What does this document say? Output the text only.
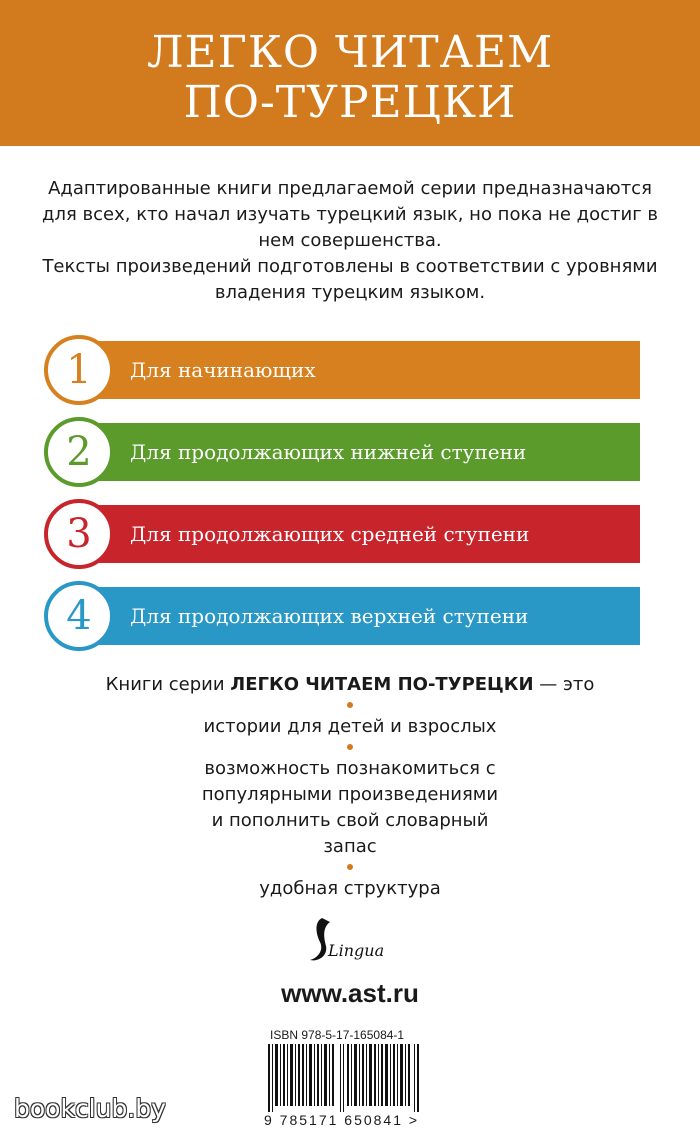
ЛЕГКО ЧИТАЕМ
ПО-ТУРЕЦКИ

Адаптированные книги предлагаемой серии предназначаются для всех, кто начал изучать турецкий язык, но пока не достиг в нем совершенства.

Тексты произведений подготовлены в соответствии с уровнями владения турецким языком.

1	Для начинающих
2	Для продолжающих нижней ступени
3	Для продолжающих средней ступени
4	Для продолжающих верхней ступени
Книги серии ЛЕГКО ЧИТАЕМ ПО-ТУРЕЦКИ — это

истории для детей и взрослых

возможность познакомиться с популярными произведениями и пополнить свой словарный запас

удобная структура

Lingua
www.ast.ru
ISBN 978-5-17-165084-1
9 785171 650841 >
bookclub.by
